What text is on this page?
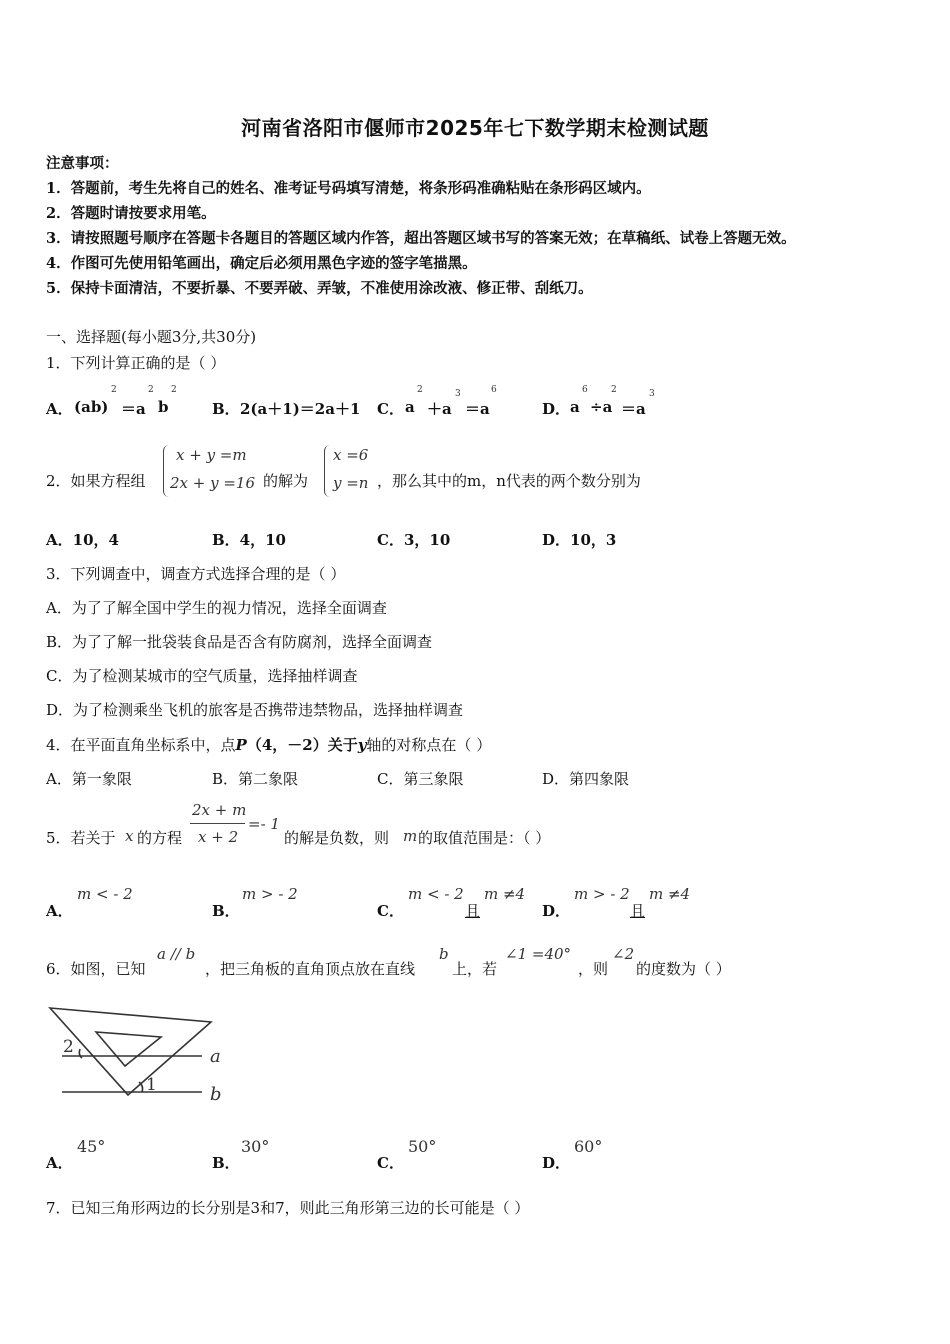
河南省洛阳市偃师市2025年七下数学期末检测试题
注意事项：
1．答题前，考生先将自己的姓名、准考证号码填写清楚，将条形码准确粘贴在条形码区域内。
2．答题时请按要求用笔。
3．请按照题号顺序在答题卡各题目的答题区域内作答，超出答题区域书写的答案无效；在草稿纸、试卷上答题无效。
4．作图可先使用铅笔画出，确定后必须用黑色字迹的签字笔描黑。
5．保持卡面清洁，不要折暴、不要弄破、弄皱，不准使用涂改液、修正带、刮纸刀。
一、选择题(每小题3分,共30分)
1．下列计算正确的是（ ）
A． (ab)
2
＝a
2
b
2
B． 2(a＋1)＝2a＋1 C． a
2
＋a
3
＝a
6
D． a
6
÷a
2
＝a
3
2．如果方程组
x + y =m
2x + y =16 的解为
x =6
y =n ，那么其中的m，n代表的两个数分别为
A．10，4	B．4，10	C．3，10	D．10，3
3．下列调查中，调查方式选择合理的是（ ）
A．为了了解全国中学生的视力情况，选择全面调查
B．为了了解一批袋装食品是否含有防腐剂，选择全面调查
C．为了检测某城市的空气质量，选择抽样调查
D．为了检测乘坐飞机的旅客是否携带违禁物品，选择抽样调查
4．在平面直角坐标系中，点P（4，－2）关于y轴的对称点在（ ）
A．第一象限	B．第二象限	C．第三象限	D．第四象限
5．若关于 x 的方程
2x + m
x + 2
=- 1
的解是负数，则 m 的取值范围是：（ ）
A．
m < - 2
B．
m > - 2
C．
m < - 2
且
m ≠4
D．
m > - 2
且
m ≠4
6．如图，已知
a // b
，把三角板的直角顶点放在直线
b
上，若
∠1 =40°
，则
∠2
的度数为（ ）
2
1
a
b
A．
45°
B．
30°
C．
50°
D．
60°
7．已知三角形两边的长分别是3和7，则此三角形第三边的长可能是（ ）
